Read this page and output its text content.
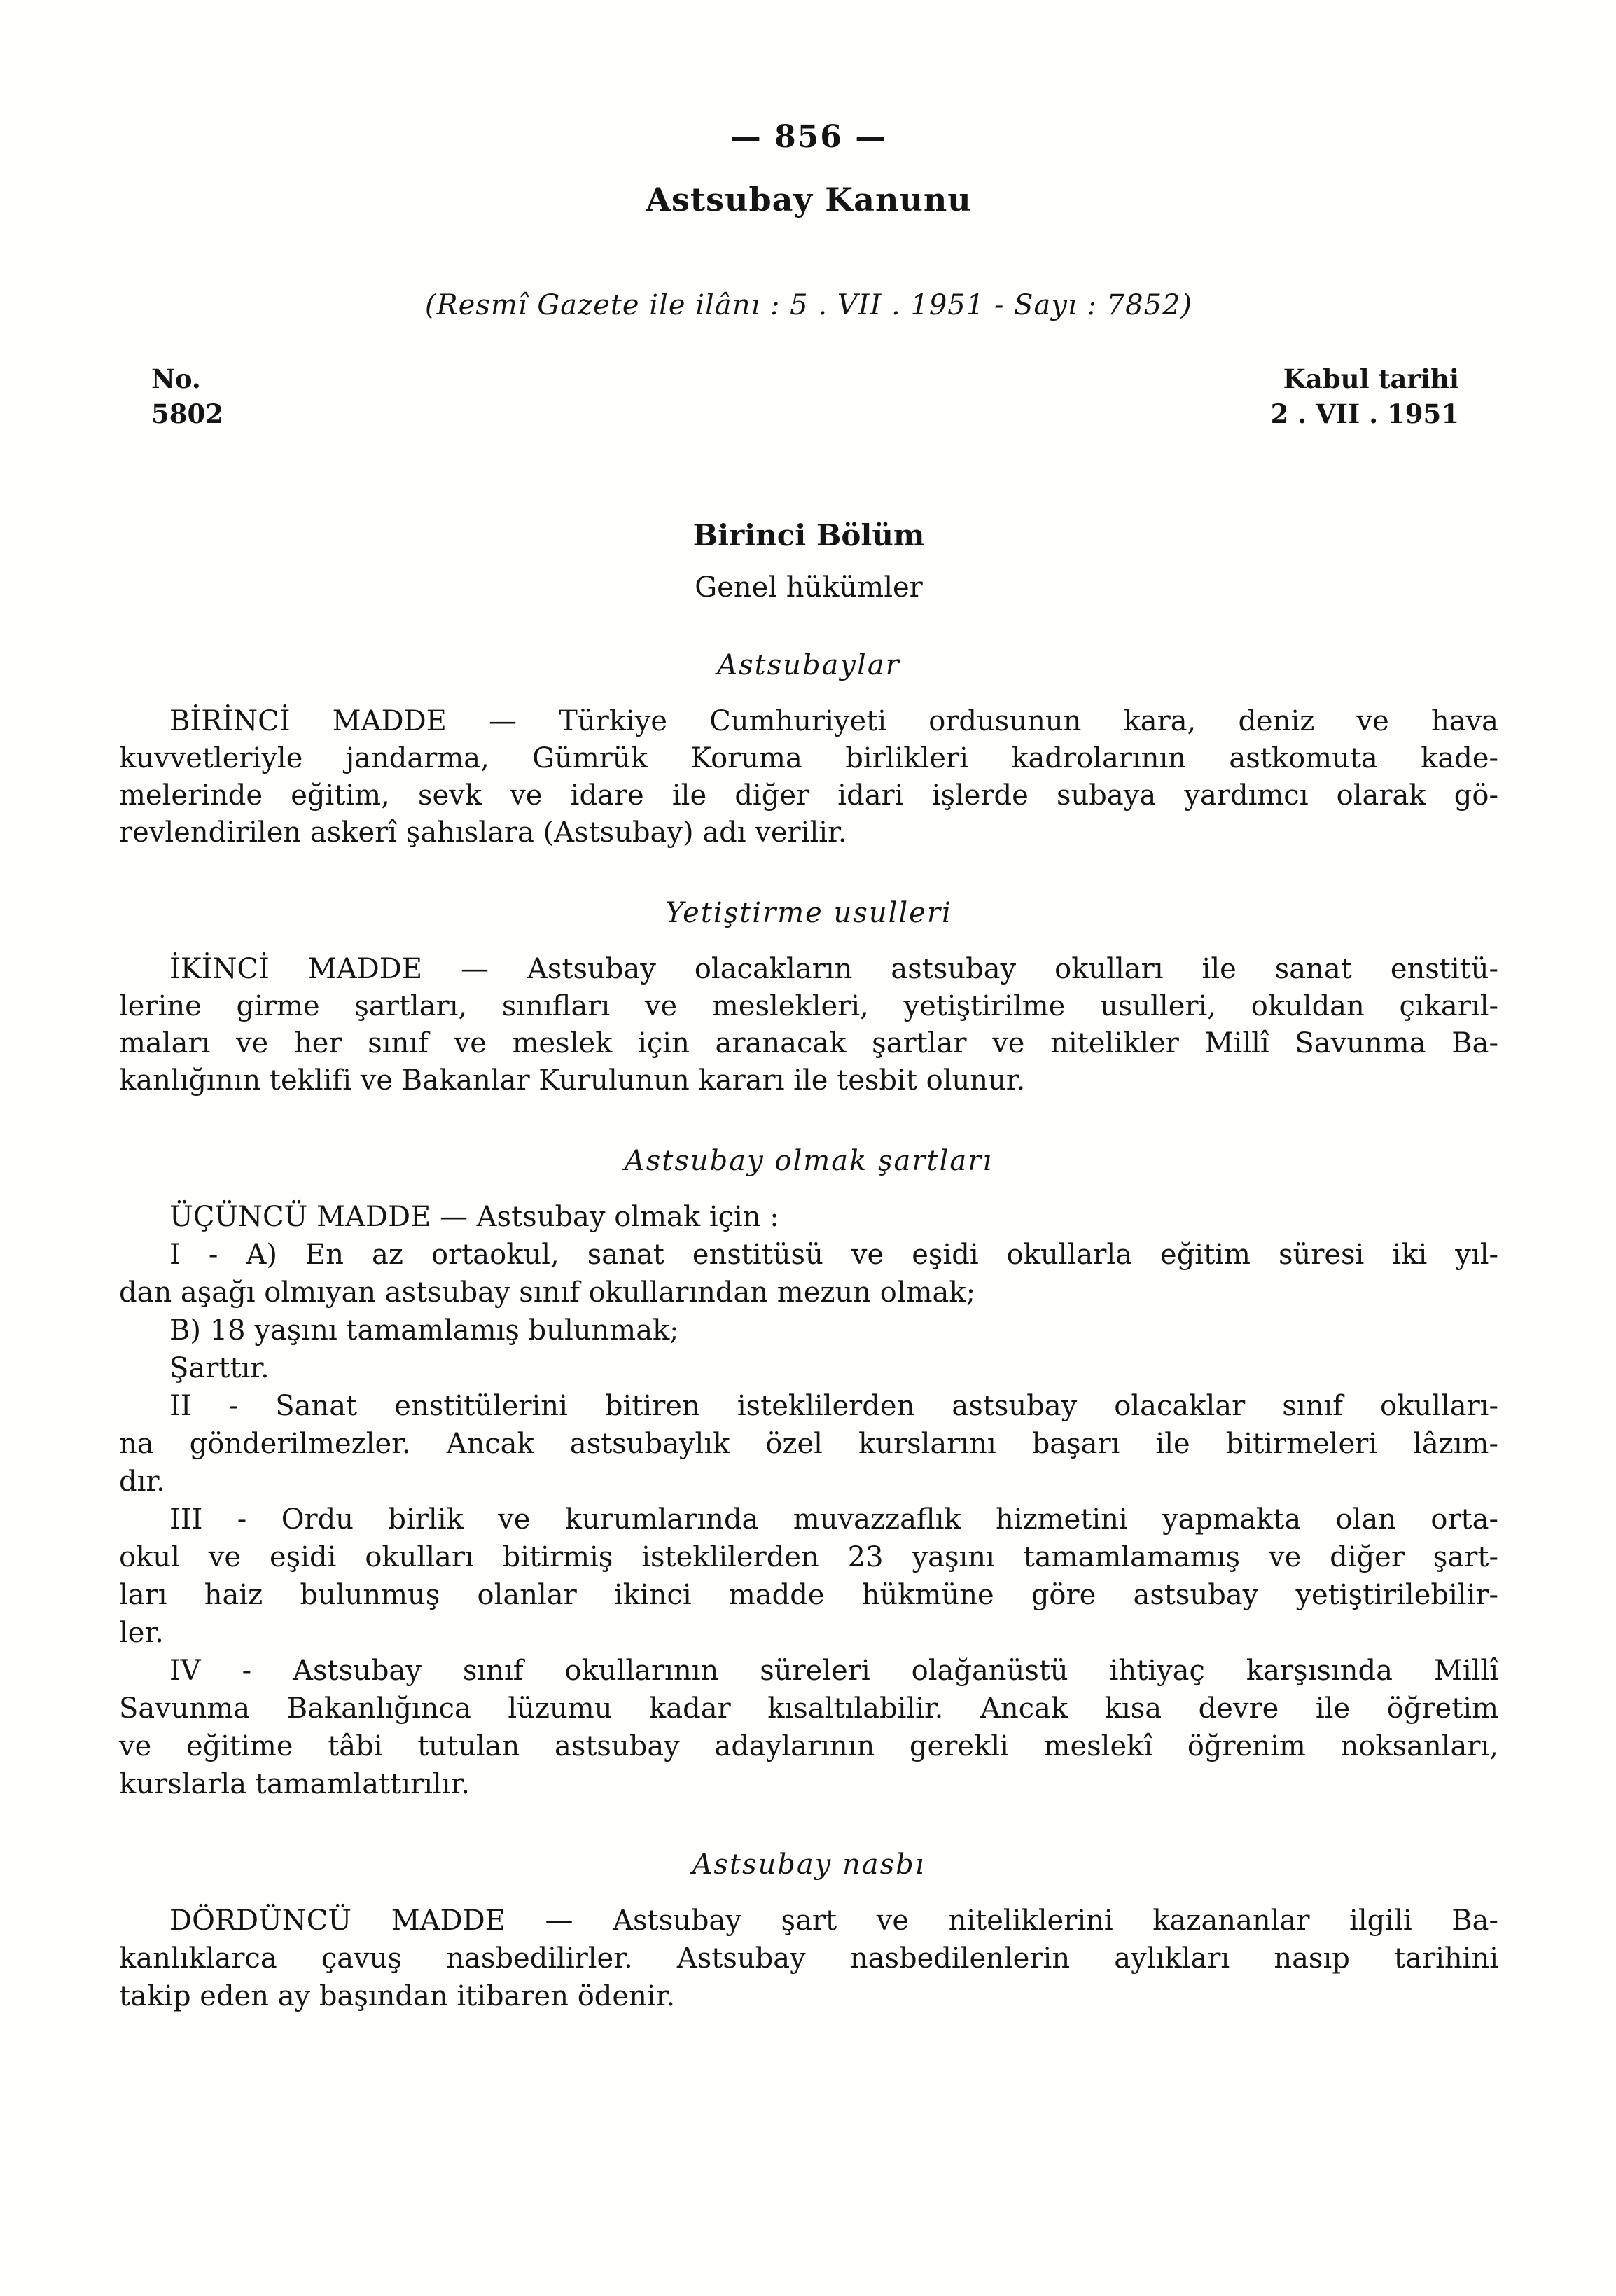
— 856 —
Astsubay Kanunu
(Resmî Gazete ile ilânı : 5 . VII . 1951 - Sayı : 7852)
No.
5802
Kabul tarihi
2 . VII . 1951
Birinci Bölüm
Genel hükümler
Astsubaylar
BİRİNCİ MADDE — Türkiye Cumhuriyeti ordusunun kara, deniz ve hava
kuvvetleriyle jandarma, Gümrük Koruma birlikleri kadrolarının astkomuta kade-
melerinde eğitim, sevk ve idare ile diğer idari işlerde subaya yardımcı olarak gö-
revlendirilen askerî şahıslara (Astsubay) adı verilir.
Yetiştirme usulleri
İKİNCİ MADDE — Astsubay olacakların astsubay okulları ile sanat enstitü-
lerine girme şartları, sınıfları ve meslekleri, yetiştirilme usulleri, okuldan çıkarıl-
maları ve her sınıf ve meslek için aranacak şartlar ve nitelikler Millî Savunma Ba-
kanlığının teklifi ve Bakanlar Kurulunun kararı ile tesbit olunur.
Astsubay olmak şartları
ÜÇÜNCÜ MADDE — Astsubay olmak için :
I - A) En az ortaokul, sanat enstitüsü ve eşidi okullarla eğitim süresi iki yıl-
dan aşağı olmıyan astsubay sınıf okullarından mezun olmak;
B) 18 yaşını tamamlamış bulunmak;
Şarttır.
II - Sanat enstitülerini bitiren isteklilerden astsubay olacaklar sınıf okulları-
na gönderilmezler. Ancak astsubaylık özel kurslarını başarı ile bitirmeleri lâzım-
dır.
III - Ordu birlik ve kurumlarında muvazzaflık hizmetini yapmakta olan orta-
okul ve eşidi okulları bitirmiş isteklilerden 23 yaşını tamamlamamış ve diğer şart-
ları haiz bulunmuş olanlar ikinci madde hükmüne göre astsubay yetiştirilebilir-
ler.
IV - Astsubay sınıf okullarının süreleri olağanüstü ihtiyaç karşısında Millî
Savunma Bakanlığınca lüzumu kadar kısaltılabilir. Ancak kısa devre ile öğretim
ve eğitime tâbi tutulan astsubay adaylarının gerekli meslekî öğrenim noksanları,
kurslarla tamamlattırılır.
Astsubay nasbı
DÖRDÜNCÜ MADDE — Astsubay şart ve niteliklerini kazananlar ilgili Ba-
kanlıklarca çavuş nasbedilirler. Astsubay nasbedilenlerin aylıkları nasıp tarihini
takip eden ay başından itibaren ödenir.
